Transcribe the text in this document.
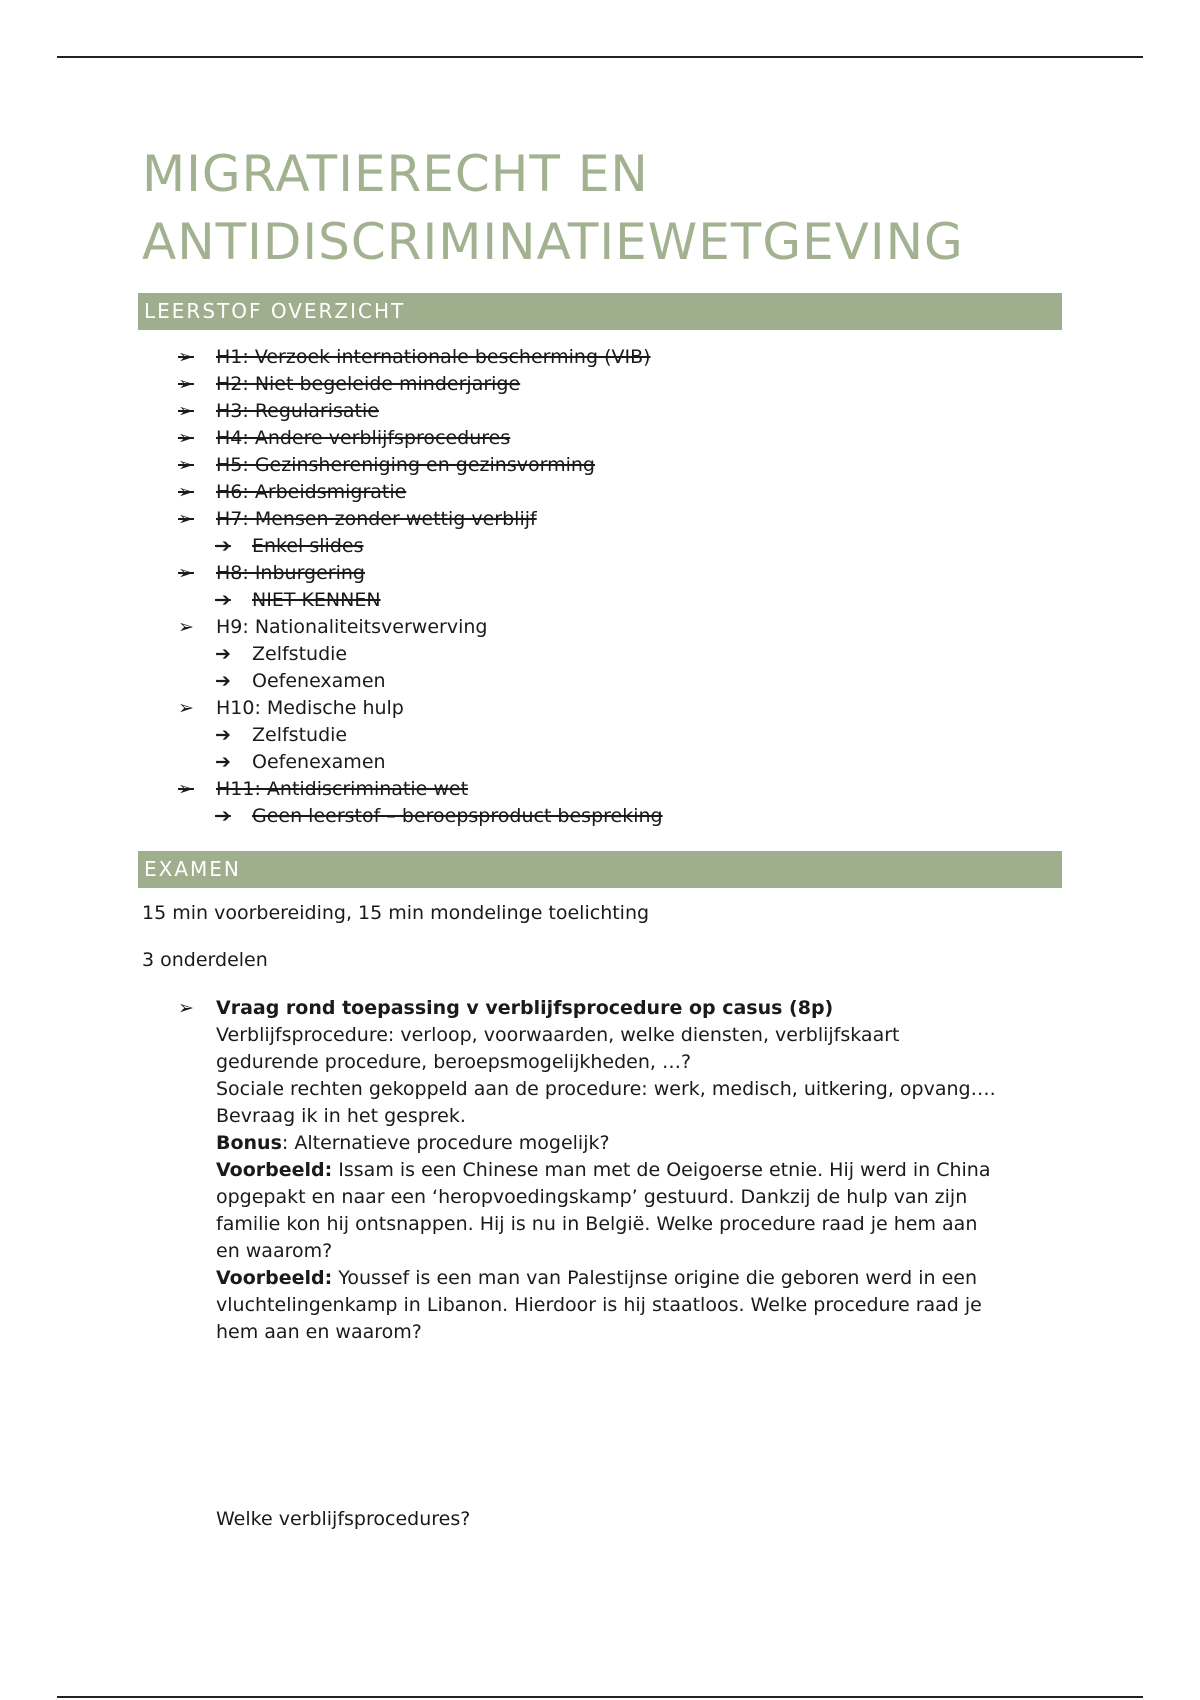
MIGRATIERECHT EN
ANTIDISCRIMINATIEWETGEVING
LEERSTOF OVERZICHT
➢ H1: Verzoek internationale bescherming (VIB)
➢ H2: Niet begeleide minderjarige
➢ H3: Regularisatie
➢ H4: Andere verblijfsprocedures
➢ H5: Gezinshereniging en gezinsvorming
➢ H6: Arbeidsmigratie
➢ H7: Mensen zonder wettig verblijf
➔ Enkel slides
➢ H8: Inburgering
➔ NIET KENNEN
➢ H9: Nationaliteitsverwerving
➔ Zelfstudie
➔ Oefenexamen
➢ H10: Medische hulp
➔ Zelfstudie
➔ Oefenexamen
➢ H11: Antidiscriminatie wet
➔ Geen leerstof – beroepsproduct bespreking
EXAMEN
15 min voorbereiding, 15 min mondelinge toelichting
3 onderdelen
➢ Vraag rond toepassing v verblijfsprocedure op casus (8p)
Verblijfsprocedure: verloop, voorwaarden, welke diensten, verblijfskaart
gedurende procedure, beroepsmogelijkheden, …?
Sociale rechten gekoppeld aan de procedure: werk, medisch, uitkering, opvang….
Bevraag ik in het gesprek.
Bonus: Alternatieve procedure mogelijk?
Voorbeeld: Issam is een Chinese man met de Oeigoerse etnie. Hij werd in China
opgepakt en naar een ‘heropvoedingskamp’ gestuurd. Dankzij de hulp van zijn
familie kon hij ontsnappen. Hij is nu in België. Welke procedure raad je hem aan
en waarom?
Voorbeeld: Youssef is een man van Palestijnse origine die geboren werd in een
vluchtelingenkamp in Libanon. Hierdoor is hij staatloos. Welke procedure raad je
hem aan en waarom?
Welke verblijfsprocedures?
